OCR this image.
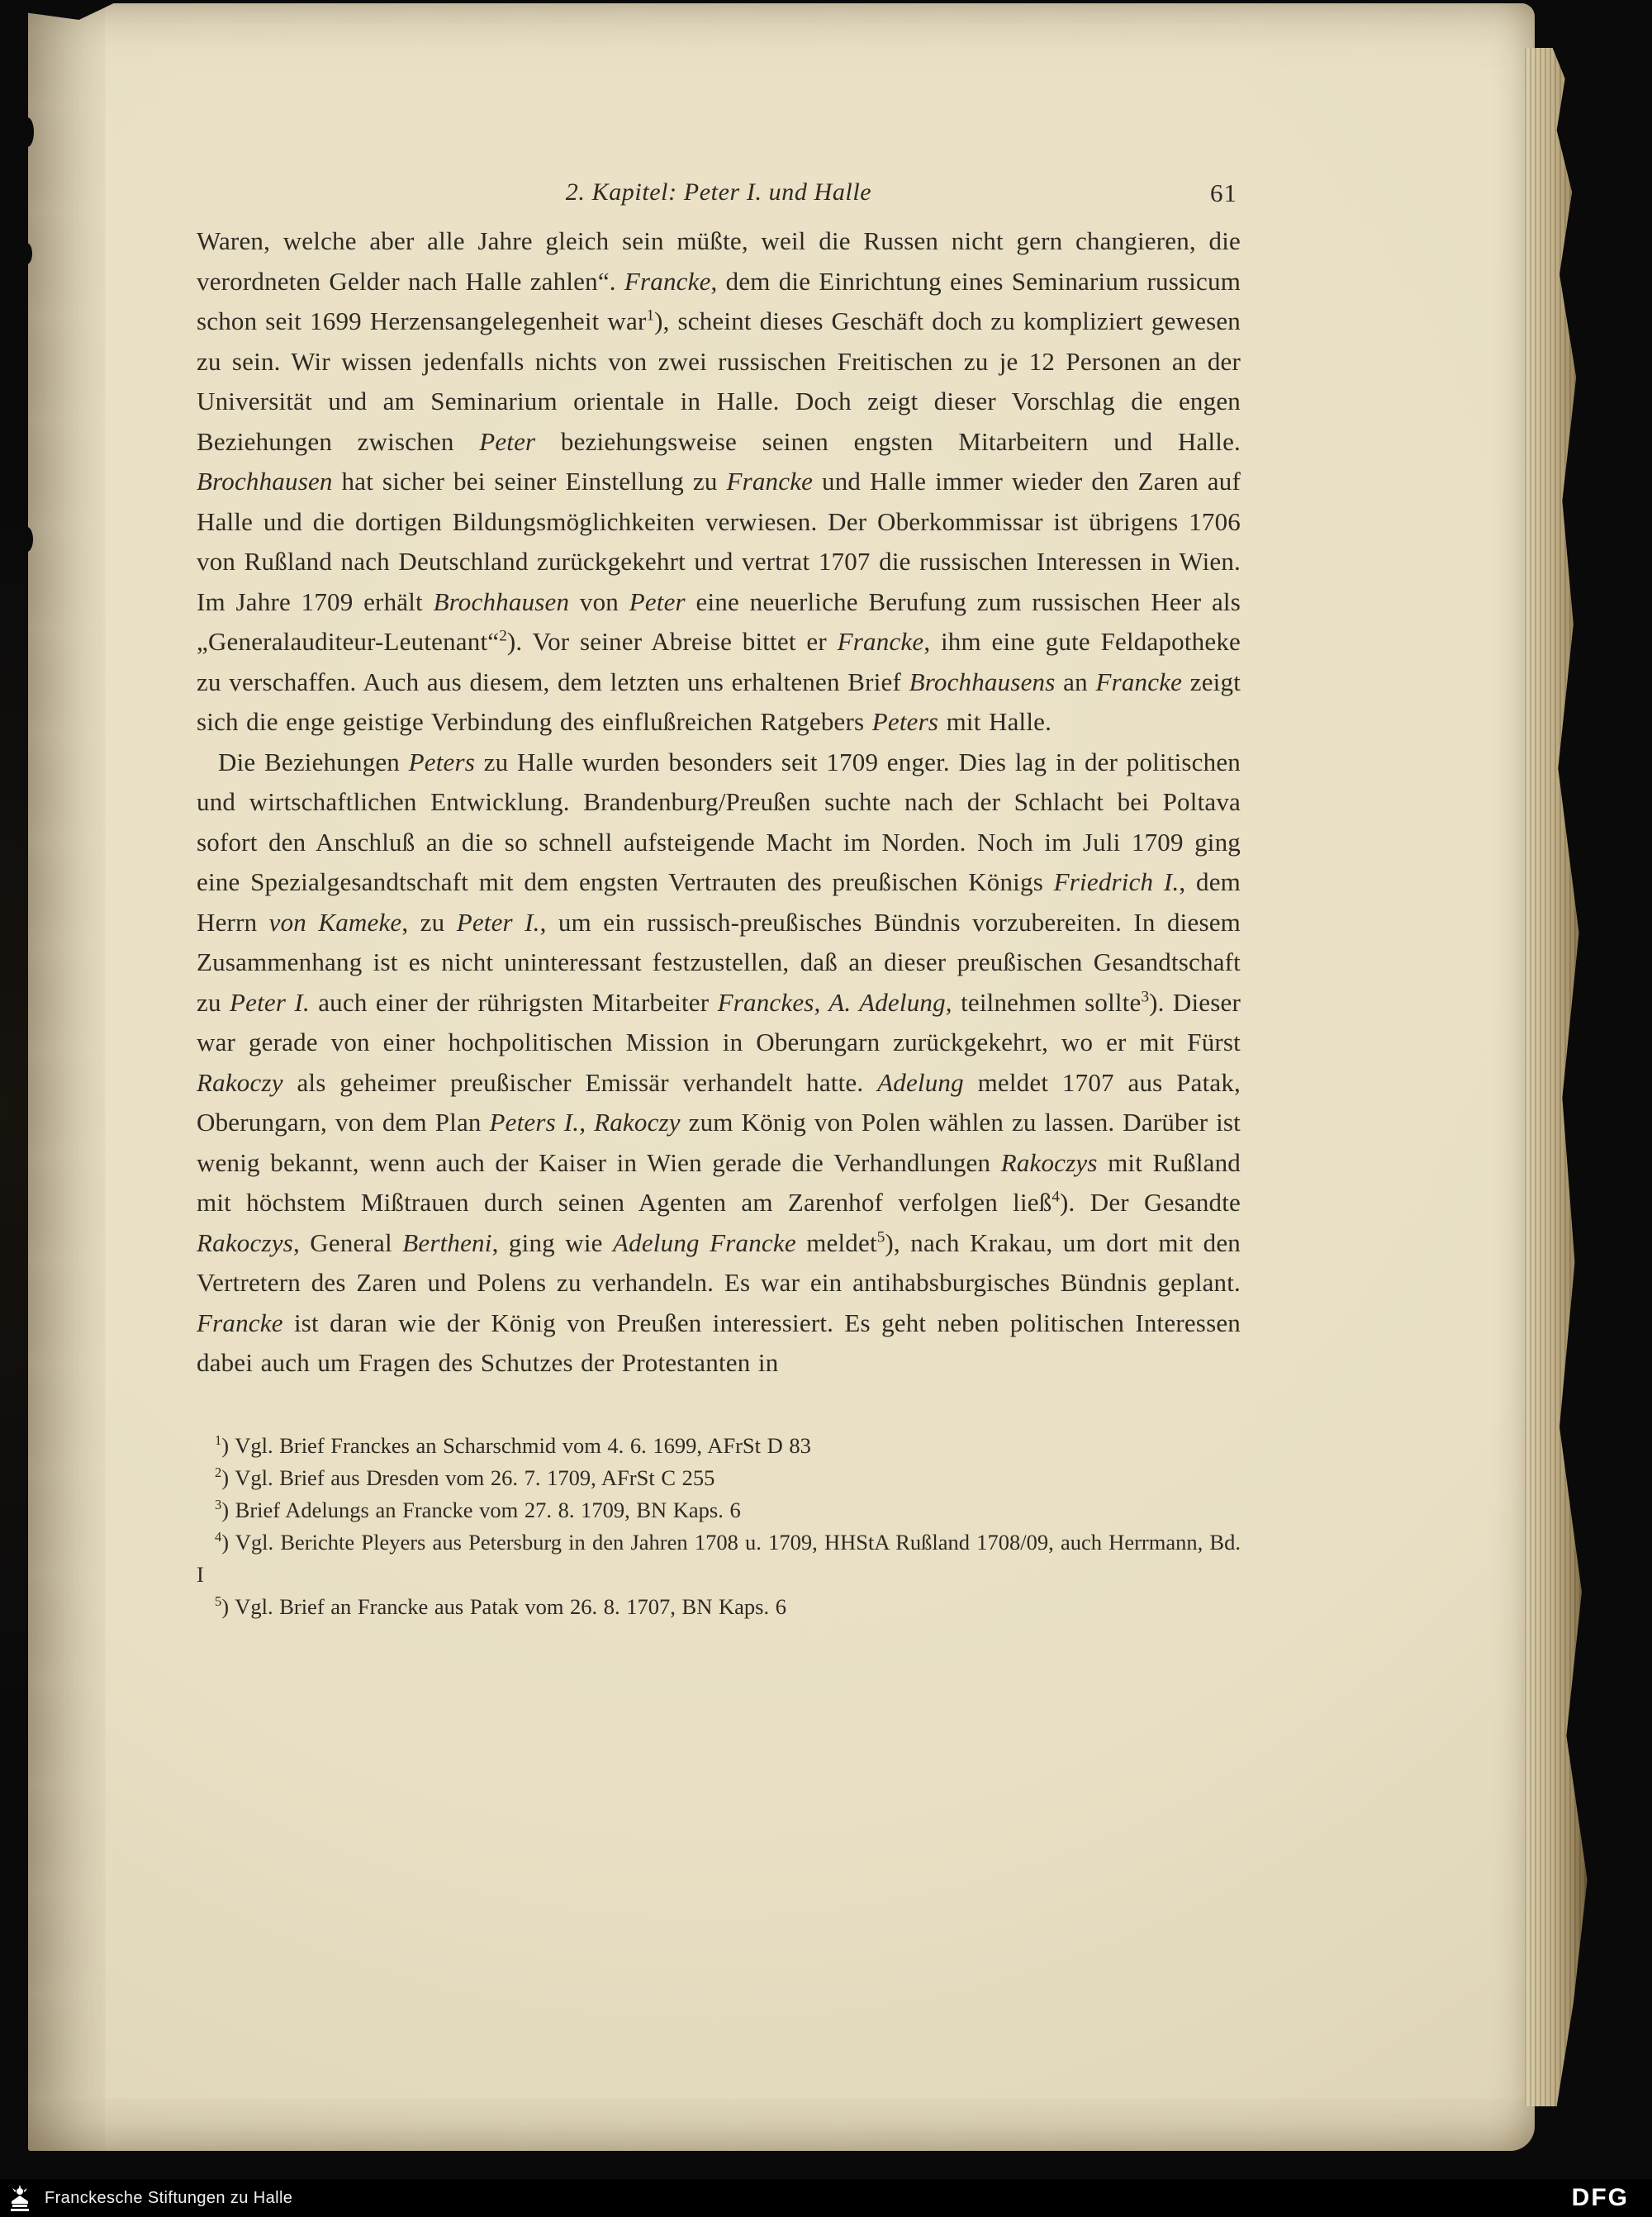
2. Kapitel: Peter I. und Halle	61

Waren, welche aber alle Jahre gleich sein müßte, weil die Russen nicht gern changieren, die verordneten Gelder nach Halle zahlen“. Francke, dem die Einrichtung eines Seminarium russicum schon seit 1699 Herzensangelegenheit war$^1$), scheint dieses Geschäft doch zu kompliziert gewesen zu sein. Wir wissen jedenfalls nichts von zwei russischen Freitischen zu je 12 Personen an der Universität und am Seminarium orientale in Halle. Doch zeigt dieser Vorschlag die engen Beziehungen zwischen Peter beziehungsweise seinen engsten Mitarbeitern und Halle. Brochhausen hat sicher bei seiner Einstellung zu Francke und Halle immer wieder den Zaren auf Halle und die dortigen Bildungsmöglichkeiten verwiesen. Der Oberkommissar ist übrigens 1706 von Rußland nach Deutschland zurückgekehrt und vertrat 1707 die russischen Interessen in Wien. Im Jahre 1709 erhält Brochhausen von Peter eine neuerliche Berufung zum russischen Heer als „Generalauditeur-Leutenant“$^2$). Vor seiner Abreise bittet er Francke, ihm eine gute Feldapotheke zu verschaffen. Auch aus diesem, dem letzten uns erhaltenen Brief Brochhausens an Francke zeigt sich die enge geistige Verbindung des einflußreichen Ratgebers Peters mit Halle.

Die Beziehungen Peters zu Halle wurden besonders seit 1709 enger. Dies lag in der politischen und wirtschaftlichen Entwicklung. Brandenburg/Preußen suchte nach der Schlacht bei Poltava sofort den Anschluß an die so schnell aufsteigende Macht im Norden. Noch im Juli 1709 ging eine Spezialgesandtschaft mit dem engsten Vertrauten des preußischen Königs Friedrich I., dem Herrn von Kameke, zu Peter I., um ein russisch-preußisches Bündnis vorzubereiten. In diesem Zusammenhang ist es nicht uninteressant festzustellen, daß an dieser preußischen Gesandtschaft zu Peter I. auch einer der rührigsten Mitarbeiter Franckes, A. Adelung, teilnehmen sollte$^3$). Dieser war gerade von einer hochpolitischen Mission in Oberungarn zurückgekehrt, wo er mit Fürst Rakoczy als geheimer preußischer Emissär verhandelt hatte. Adelung meldet 1707 aus Patak, Oberungarn, von dem Plan Peters I., Rakoczy zum König von Polen wählen zu lassen. Darüber ist wenig bekannt, wenn auch der Kaiser in Wien gerade die Verhandlungen Rakoczys mit Rußland mit höchstem Mißtrauen durch seinen Agenten am Zarenhof verfolgen ließ$^4$). Der Gesandte Rakoczys, General Bertheni, ging wie Adelung Francke meldet$^5$), nach Krakau, um dort mit den Vertretern des Zaren und Polens zu verhandeln. Es war ein antihabsburgisches Bündnis geplant. Francke ist daran wie der König von Preußen interessiert. Es geht neben politischen Interessen dabei auch um Fragen des Schutzes der Protestanten in

$^1$) Vgl. Brief Franckes an Scharschmid vom 4. 6. 1699, AFrSt D 83

$^2$) Vgl. Brief aus Dresden vom 26. 7. 1709, AFrSt C 255

$^3$) Brief Adelungs an Francke vom 27. 8. 1709, BN Kaps. 6

$^4$) Vgl. Berichte Pleyers aus Petersburg in den Jahren 1708 u. 1709, HHStA Rußland 1708/09, auch Herrmann, Bd. I

$^5$) Vgl. Brief an Francke aus Patak vom 26. 8. 1707, BN Kaps. 6

Franckesche Stiftungen zu Halle	DFG
